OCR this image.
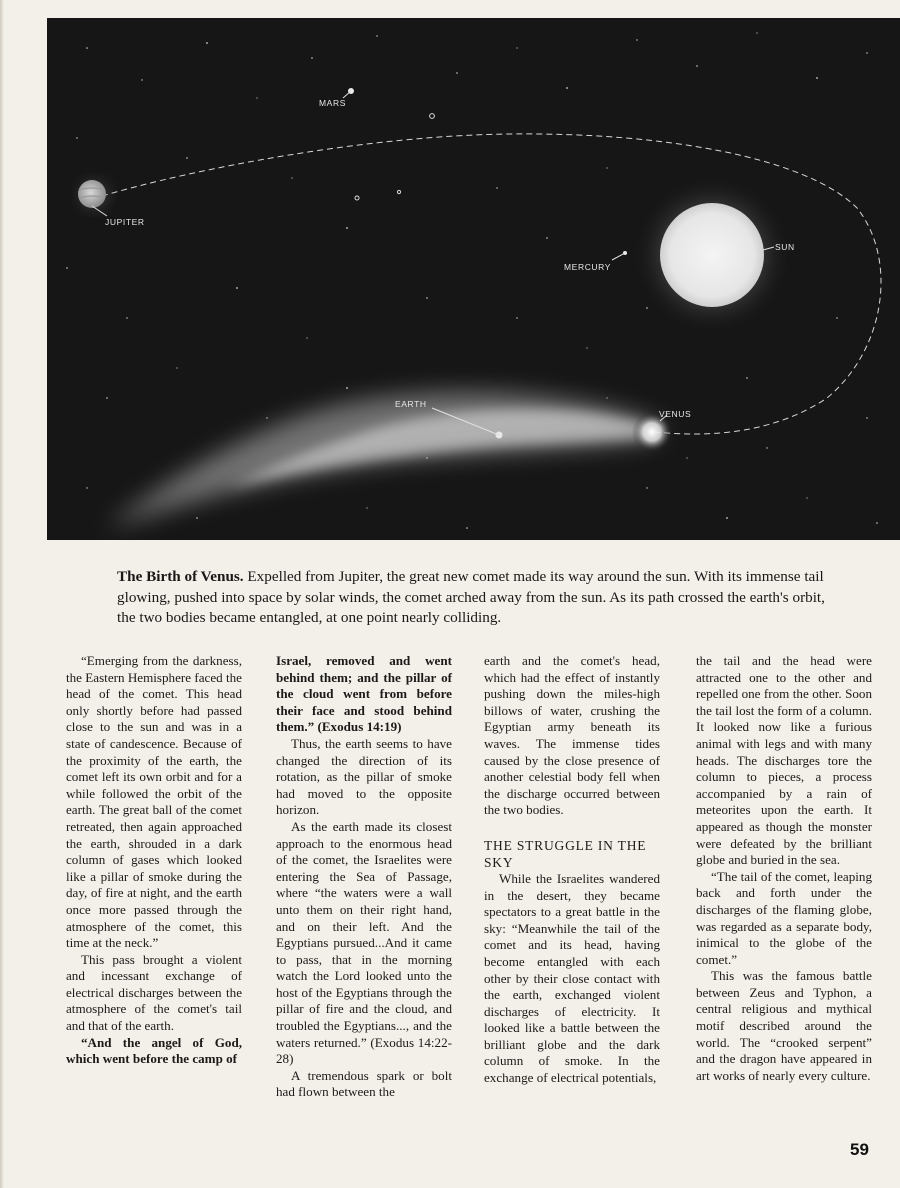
MARS
JUPITER
MERCURY
SUN
EARTH
VENUS
The Birth of Venus. Expelled from Jupiter, the great new comet made its way around the sun. With its immense tail glowing, pushed into space by solar winds, the comet arched away from the sun. As its path crossed the earth's orbit, the two bodies became entangled, at one point nearly colliding.

“Emerging from the darkness, the Eastern Hemisphere faced the head of the comet. This head only shortly before had passed close to the sun and was in a state of candescence. Because of the proximity of the earth, the comet left its own orbit and for a while followed the orbit of the earth. The great ball of the comet retreated, then again approached the earth, shrouded in a dark column of gases which looked like a pillar of smoke during the day, of fire at night, and the earth once more passed through the atmosphere of the comet, this time at the neck.”

This pass brought a violent and incessant exchange of electrical discharges between the atmosphere of the comet's tail and that of the earth.

“And the angel of God, which went before the camp of

Israel, removed and went behind them; and the pillar of the cloud went from before their face and stood behind them.” (Exodus 14:19)

Thus, the earth seems to have changed the direction of its rotation, as the pillar of smoke had moved to the opposite horizon.

As the earth made its closest approach to the enormous head of the comet, the Israelites were entering the Sea of Passage, where “the waters were a wall unto them on their right hand, and on their left. And the Egyptians pursued...And it came to pass, that in the morning watch the Lord looked unto the host of the Egyptians through the pillar of fire and the cloud, and troubled the Egyptians..., and the waters returned.” (Exodus 14:22-28)

A tremendous spark or bolt had flown between the

earth and the comet's head, which had the effect of instantly pushing down the miles-high billows of water, crushing the Egyptian army beneath its waves. The immense tides caused by the close presence of another celestial body fell when the discharge occurred between the two bodies.

THE STRUGGLE IN THE SKY

While the Israelites wandered in the desert, they became spectators to a great battle in the sky: “Meanwhile the tail of the comet and its head, having become entangled with each other by their close contact with the earth, exchanged violent discharges of electricity. It looked like a battle between the brilliant globe and the dark column of smoke. In the exchange of electrical potentials,

the tail and the head were attracted one to the other and repelled one from the other. Soon the tail lost the form of a column. It looked now like a furious animal with legs and with many heads. The discharges tore the column to pieces, a process accompanied by a rain of meteorites upon the earth. It appeared as though the monster were defeated by the brilliant globe and buried in the sea.

“The tail of the comet, leaping back and forth under the discharges of the flaming globe, was regarded as a separate body, inimical to the globe of the comet.”

This was the famous battle between Zeus and Typhon, a central religious and mythical motif described around the world. The “crooked serpent” and the dragon have appeared in art works of nearly every culture.

59
